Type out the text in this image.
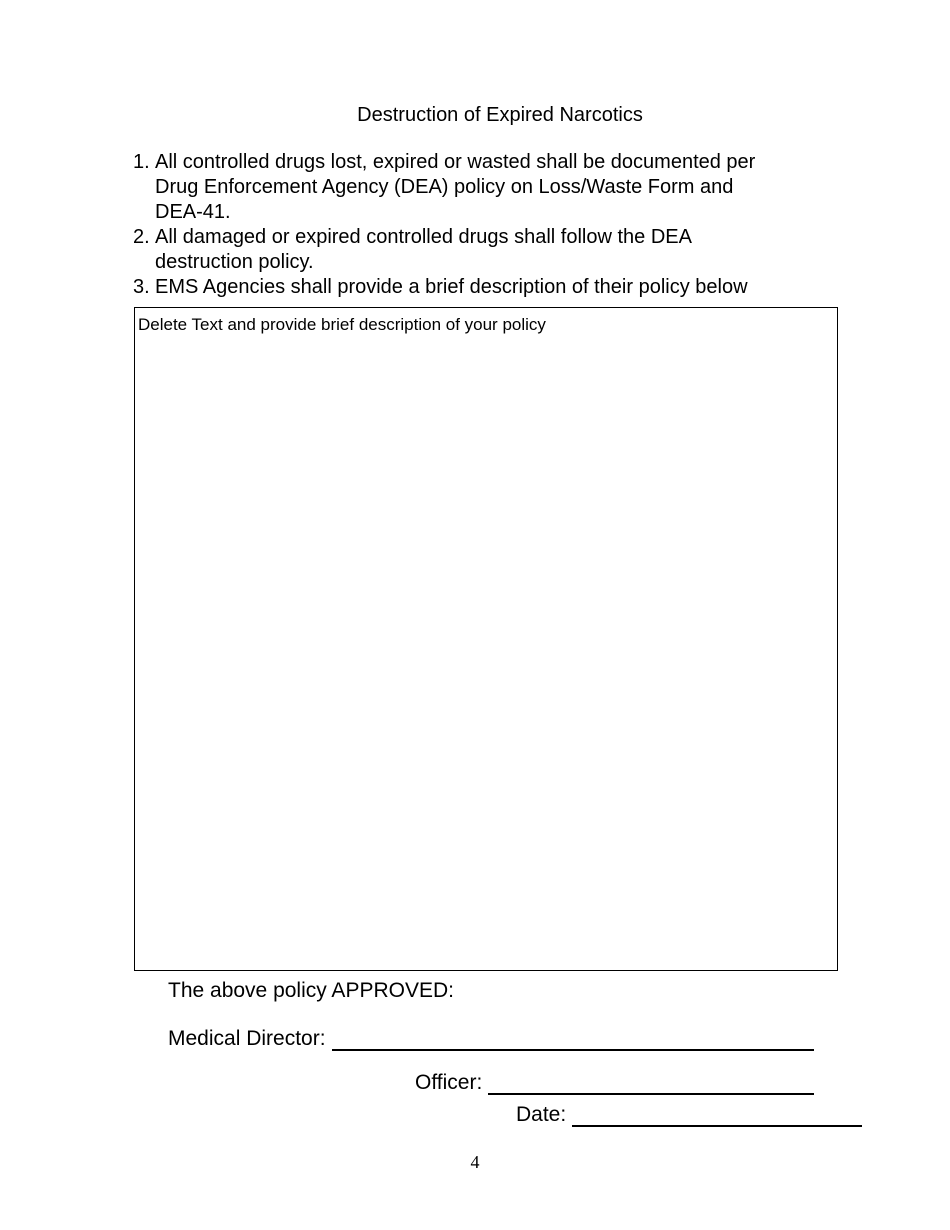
Destruction of Expired Narcotics
1. All controlled drugs lost, expired or wasted shall be documented per
Drug Enforcement Agency (DEA) policy on Loss/Waste Form and
DEA-41.
2. All damaged or expired controlled drugs shall follow the DEA
destruction policy.
3. EMS Agencies shall provide a brief description of their policy below
Delete Text and provide brief description of your policy
The above policy APPROVED:
Medical Director:
Officer:
Date:
4
